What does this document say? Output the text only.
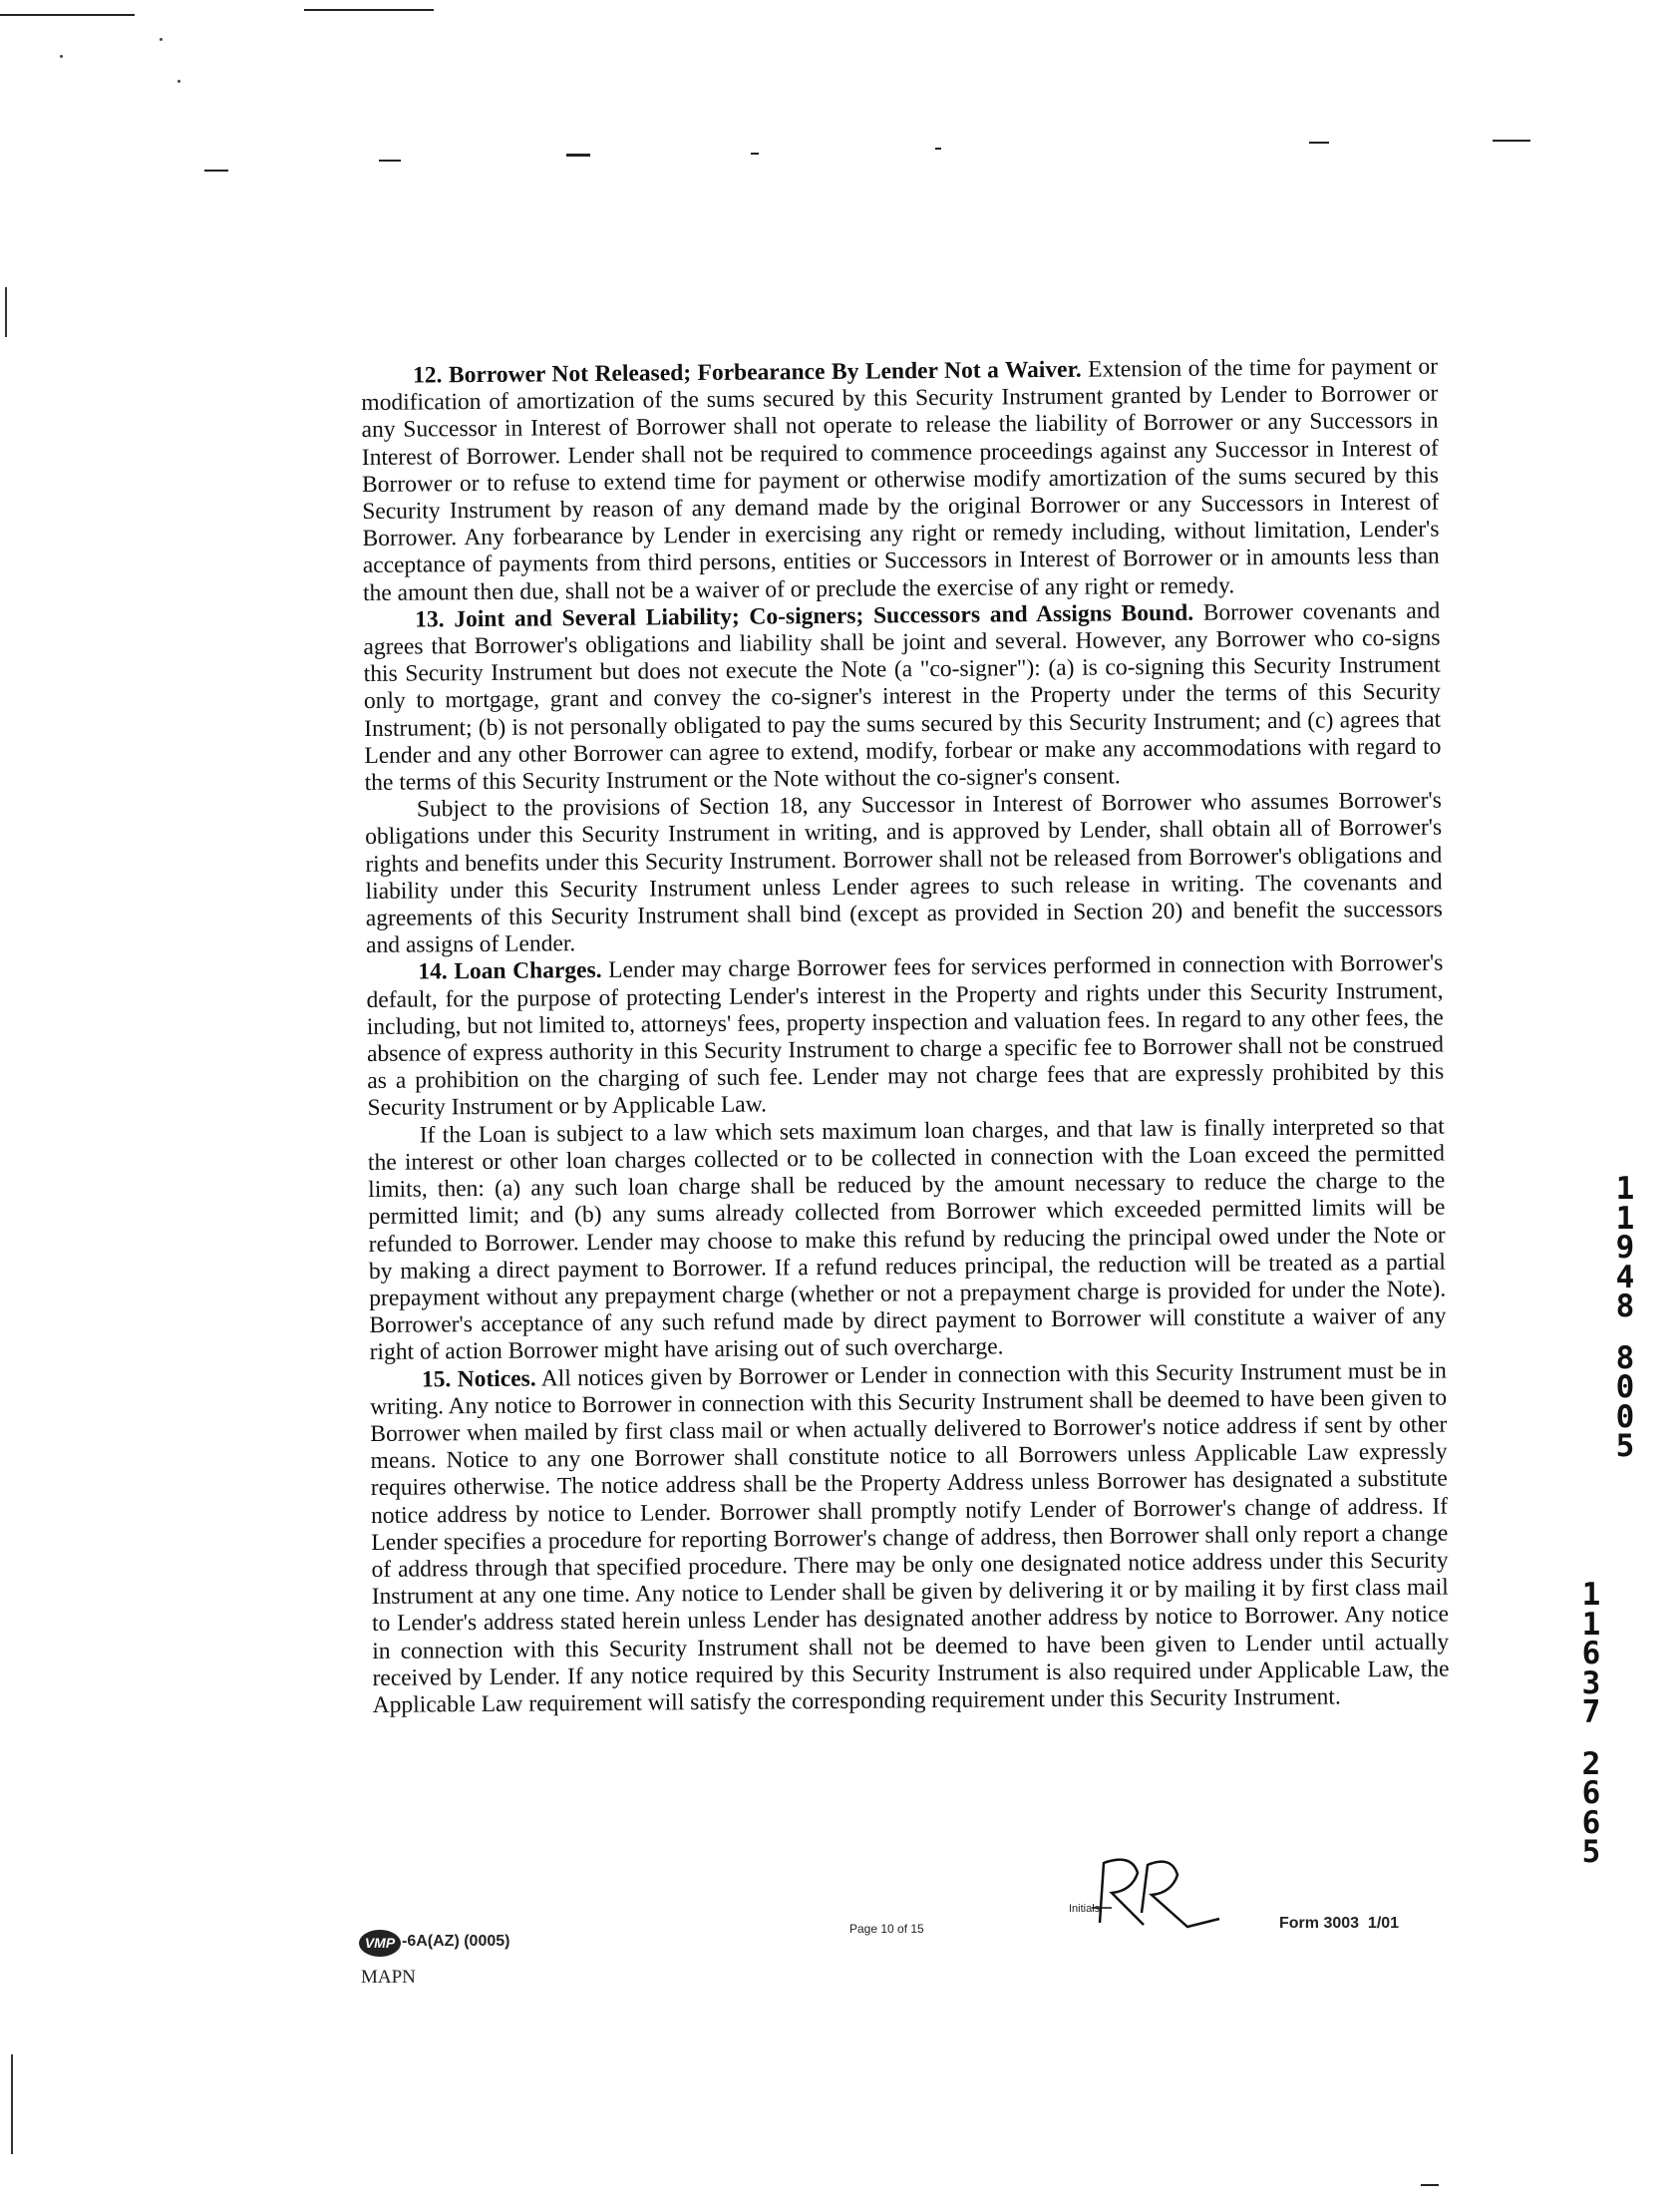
12. Borrower Not Released; Forbearance By Lender Not a Waiver. Extension of the time for payment or modification of amortization of the sums secured by this Security Instrument granted by Lender to Borrower or any Successor in Interest of Borrower shall not operate to release the liability of Borrower or any Successors in Interest of Borrower. Lender shall not be required to commence proceedings against any Successor in Interest of Borrower or to refuse to extend time for payment or otherwise modify amortization of the sums secured by this Security Instrument by reason of any demand made by the original Borrower or any Successors in Interest of Borrower. Any forbearance by Lender in exercising any right or remedy including, without limitation, Lender's acceptance of payments from third persons, entities or Successors in Interest of Borrower or in amounts less than the amount then due, shall not be a waiver of or preclude the exercise of any right or remedy.

13. Joint and Several Liability; Co-signers; Successors and Assigns Bound. Borrower covenants and agrees that Borrower's obligations and liability shall be joint and several. However, any Borrower who co-signs this Security Instrument but does not execute the Note (a "co-signer"): (a) is co-signing this Security Instrument only to mortgage, grant and convey the co-signer's interest in the Property under the terms of this Security Instrument; (b) is not personally obligated to pay the sums secured by this Security Instrument; and (c) agrees that Lender and any other Borrower can agree to extend, modify, forbear or make any accommodations with regard to the terms of this Security Instrument or the Note without the co-signer's consent.

Subject to the provisions of Section 18, any Successor in Interest of Borrower who assumes Borrower's obligations under this Security Instrument in writing, and is approved by Lender, shall obtain all of Borrower's rights and benefits under this Security Instrument. Borrower shall not be released from Borrower's obligations and liability under this Security Instrument unless Lender agrees to such release in writing. The covenants and agreements of this Security Instrument shall bind (except as provided in Section 20) and benefit the successors and assigns of Lender.

14. Loan Charges. Lender may charge Borrower fees for services performed in connection with Borrower's default, for the purpose of protecting Lender's interest in the Property and rights under this Security Instrument, including, but not limited to, attorneys' fees, property inspection and valuation fees. In regard to any other fees, the absence of express authority in this Security Instrument to charge a specific fee to Borrower shall not be construed as a prohibition on the charging of such fee. Lender may not charge fees that are expressly prohibited by this Security Instrument or by Applicable Law.

If the Loan is subject to a law which sets maximum loan charges, and that law is finally interpreted so that the interest or other loan charges collected or to be collected in connection with the Loan exceed the permitted limits, then: (a) any such loan charge shall be reduced by the amount necessary to reduce the charge to the permitted limit; and (b) any sums already collected from Borrower which exceeded permitted limits will be refunded to Borrower. Lender may choose to make this refund by reducing the principal owed under the Note or by making a direct payment to Borrower. If a refund reduces principal, the reduction will be treated as a partial prepayment without any prepayment charge (whether or not a prepayment charge is provided for under the Note). Borrower's acceptance of any such refund made by direct payment to Borrower will constitute a waiver of any right of action Borrower might have arising out of such overcharge.

15. Notices. All notices given by Borrower or Lender in connection with this Security Instrument must be in writing. Any notice to Borrower in connection with this Security Instrument shall be deemed to have been given to Borrower when mailed by first class mail or when actually delivered to Borrower's notice address if sent by other means. Notice to any one Borrower shall constitute notice to all Borrowers unless Applicable Law expressly requires otherwise. The notice address shall be the Property Address unless Borrower has designated a substitute notice address by notice to Lender. Borrower shall promptly notify Lender of Borrower's change of address. If Lender specifies a procedure for reporting Borrower's change of address, then Borrower shall only report a change of address through that specified procedure. There may be only one designated notice address under this Security Instrument at any one time. Any notice to Lender shall be given by delivering it or by mailing it by first class mail to Lender's address stated herein unless Lender has designated another address by notice to Borrower. Any notice in connection with this Security Instrument shall not be deemed to have been given to Lender until actually received by Lender. If any notice required by this Security Instrument is also required under Applicable Law, the Applicable Law requirement will satisfy the corresponding requirement under this Security Instrument.

1
1
9
4
8
8
0
0
5
1
1
6
3
7
2
6
6
5
VMP -6A(AZ) (0005)
MAPN
Page 10 of 15
Initials:
Form 3003  1/01
